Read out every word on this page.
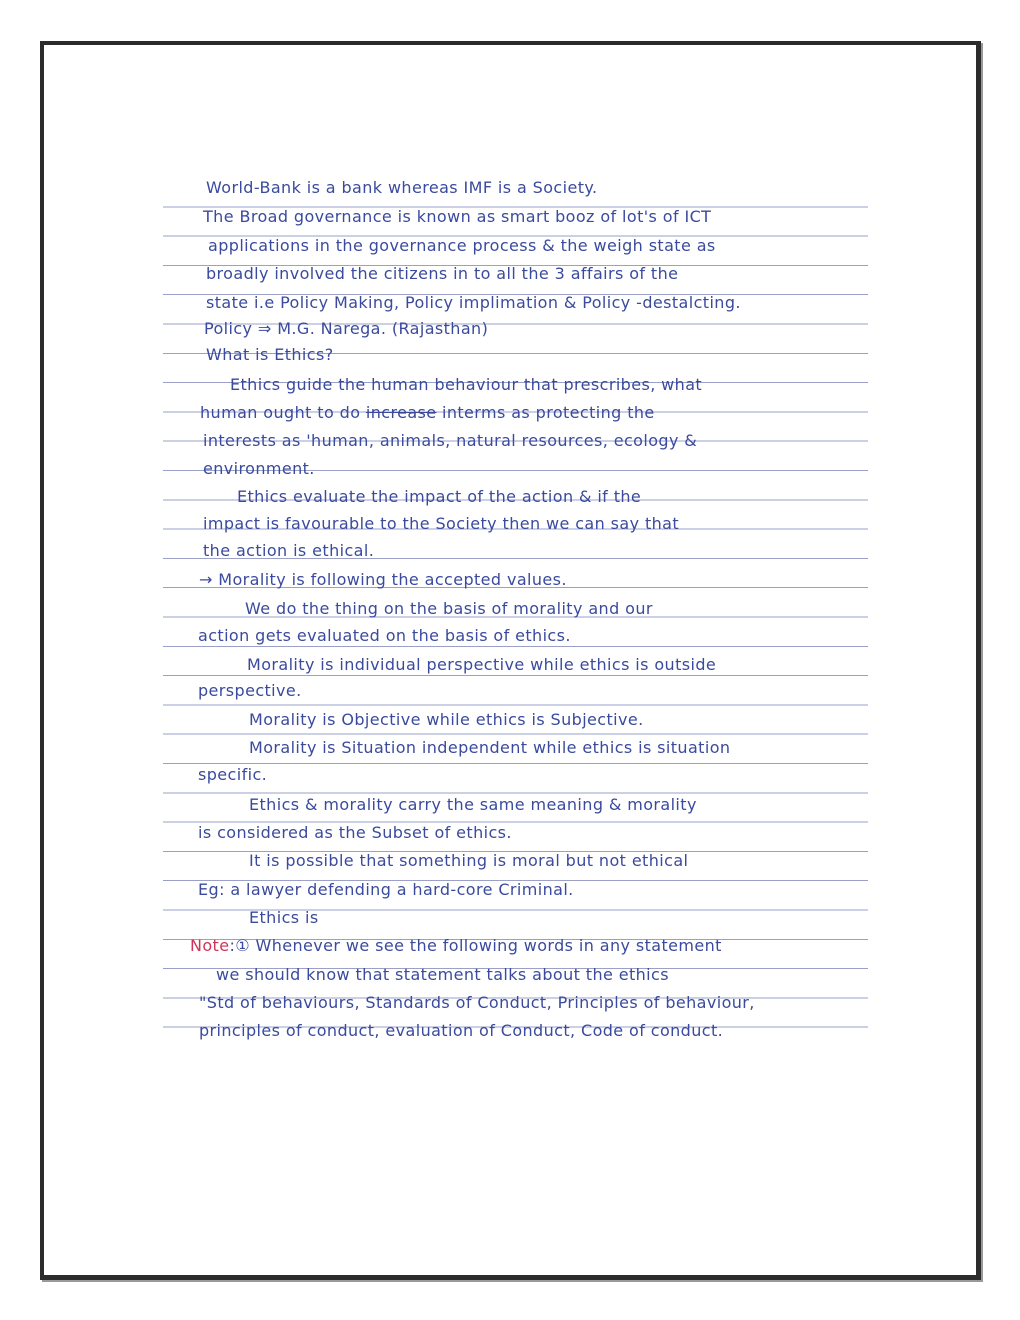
World-Bank is a bank whereas IMF is a Society.
The Broad governance is known as smart booz of lot's of ICT
applications in the governance process & the weigh state as
broadly involved the citizens in to all the 3 affairs of the
state i.e Policy Making, Policy implimation & Policy -destalcting.
Policy ⇒ M.G. Narega. (Rajasthan)
What is Ethics?
Ethics guide the human behaviour that prescribes, what
human ought to do increase interms as protecting the
interests as 'human, animals, natural resources, ecology &
environment.
Ethics evaluate the impact of the action & if the
impact is favourable to the Society then we can say that
the action is ethical.
→ Morality is following the accepted values.
We do the thing on the basis of morality and our
action gets evaluated on the basis of ethics.
Morality is individual perspective while ethics is outside
perspective.
Morality is Objective while ethics is Subjective.
Morality is Situation independent while ethics is situation
specific.
Ethics & morality carry the same meaning & morality
is considered as the Subset of ethics.
It is possible that something is moral but not ethical
Eg: a lawyer defending a hard-core Criminal.
Ethics is
Note:① Whenever we see the following words in any statement
we should know that statement talks about the ethics
"Std of behaviours, Standards of Conduct, Principles of behaviour,
principles of conduct, evaluation of Conduct, Code of conduct.
